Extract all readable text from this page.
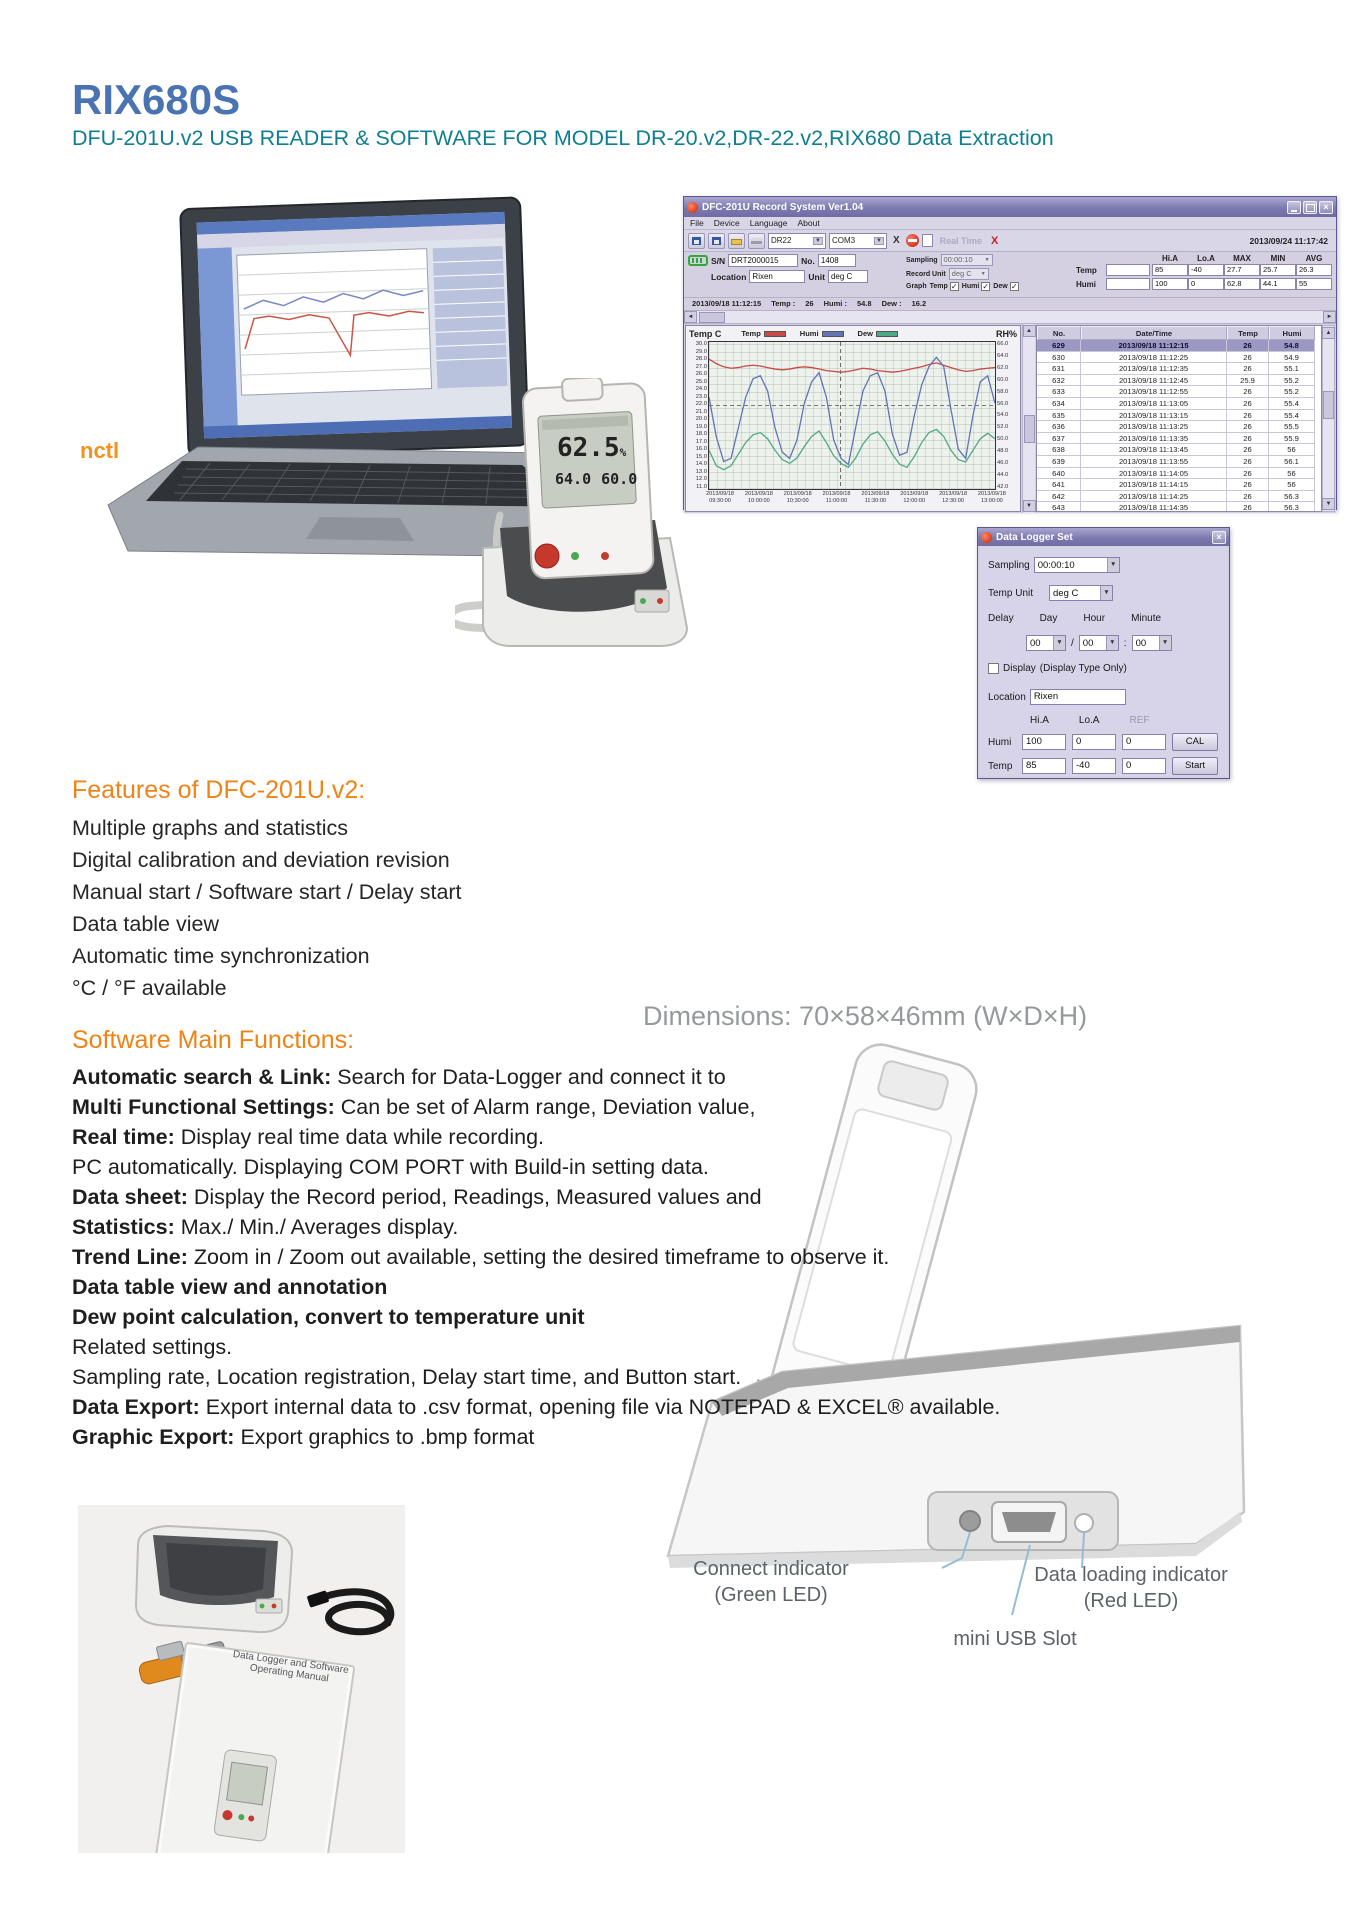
RIX680S
DFU-201U.v2 USB READER & SOFTWARE FOR MODEL DR-20.v2,DR-22.v2,RIX680 Data Extraction
nctl	62.5%
64.0 60.0
DFC-201U Record System Ver1.04	×
File Device Language About
DR22	▼ COM3	▼	X	Real Time X	2013/09/24 11:17:42
S/N DRT2000015	No. 1408
Location Rixen	Unit deg C
Sampling 00:00:10 ▼
Record Unit deg C ▼
Graph Temp ✓ Humi ✓ Dew ✓
Hi.A	Lo.A	MAX	MIN	AVG
Temp	85	-40	27.7	25.7	26.3
Humi	100	0	62.8	44.1	55
2013/09/18 11:12:15 Temp : 26 Humi : 54.8 Dew : 16.2
◄	►
Temp C	Temp	Humi	Dew	RH%
30.0
29.0
28.0
27.0
26.0
25.0
24.0
23.0
22.0
21.0
20.0
19.0
18.0
17.0
16.0
15.0
14.0
13.0
12.0
11.0
66.0
64.0
62.0
60.0
58.0
56.0
54.0
52.0
50.0
48.0
46.0
44.0
42.0
2013/09/18
09:30:00
2013/09/18
10:00:00
2013/09/18
10:30:00
2013/09/18
11:00:00
2013/09/18
11:30:00
2013/09/18
12:00:00
2013/09/18
12:30:00
2013/09/18
13:00:00
▲
▼
No.	Date/Time	Temp	Humi
629	2013/09/18 11:12:15	26	54.8
630	2013/09/18 11:12:25	26	54.9
631	2013/09/18 11:12:35	26	55.1
632	2013/09/18 11:12:45	25.9	55.2
633	2013/09/18 11:12:55	26	55.2
634	2013/09/18 11:13:05	26	55.4
635	2013/09/18 11:13:15	26	55.4
636	2013/09/18 11:13:25	26	55.5
637	2013/09/18 11:13:35	26	55.9
638	2013/09/18 11:13:45	26	56
639	2013/09/18 11:13:55	26	56.1
640	2013/09/18 11:14:05	26	56
641	2013/09/18 11:14:15	26	56
642	2013/09/18 11:14:25	26	56.3
643	2013/09/18 11:14:35	26	56.3
▲
▼
Data Logger Set	×
Sampling 00:00:10	▼
Temp Unit deg C	▼
Delay	Day	Hour	Minute
00	▼ / 00	▼ : 00	▼
Display (Display Type Only)
Location Rixen
Hi.A	Lo.A	REF
Humi	100	0	0	CAL
Temp	85	-40	0	Start
Features of DFC-201U.v2:
Multiple graphs and statistics
Digital calibration and deviation revision
Manual start / Software start / Delay start
Data table view
Automatic time synchronization
°C / °F available
Dimensions: 70×58×46mm (W×D×H)
Software Main Functions:
Automatic search & Link: Search for Data-Logger and connect it to
Multi Functional Settings: Can be set of Alarm range, Deviation value,
Real time: Display real time data while recording.
PC automatically. Displaying COM PORT with Build-in setting data.
Data sheet: Display the Record period, Readings, Measured values and
Statistics: Max./ Min./ Averages display.
Trend Line: Zoom in / Zoom out available, setting the desired timeframe to observe it.
Data table view and annotation
Dew point calculation, convert to temperature unit
Related settings.
Sampling rate, Location registration, Delay start time, and Button start.
Data Export: Export internal data to .csv format, opening file via NOTEPAD & EXCEL® available.
Graphic Export: Export graphics to .bmp format
Connect indicator
(Green LED)
Data loading indicator
(Red LED)
mini USB Slot
Data Logger and Software Operating Manual
